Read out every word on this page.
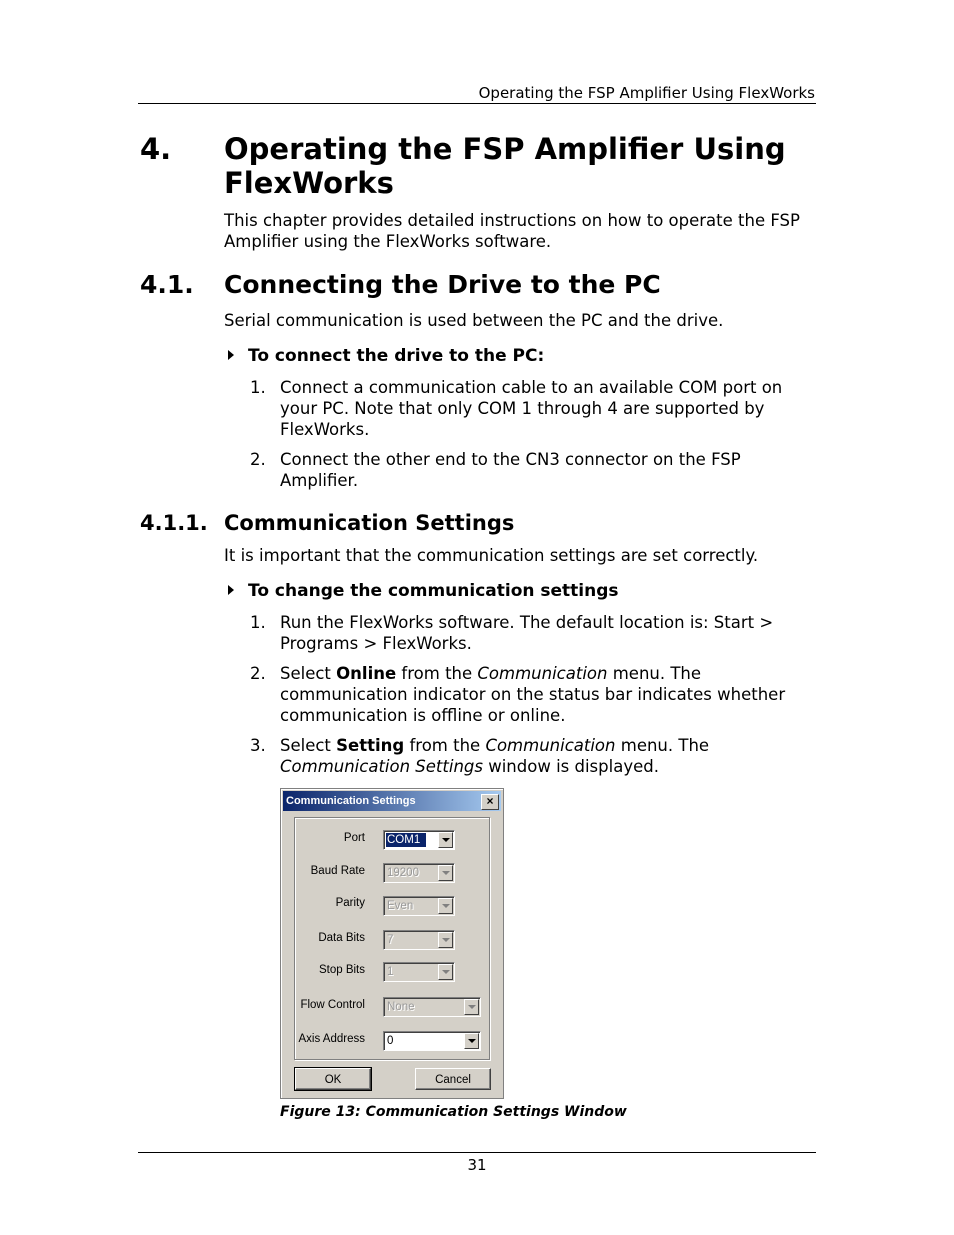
Operating the FSP Amplifier Using FlexWorks
4. Operating the FSP Amplifier Using FlexWorks
This chapter provides detailed instructions on how to operate the FSP Amplifier using the FlexWorks software.
4.1. Connecting the Drive to the PC
Serial communication is used between the PC and the drive.
To connect the drive to the PC:
1. Connect a communication cable to an available COM port on your PC. Note that only COM 1 through 4 are supported by FlexWorks.
2. Connect the other end to the CN3 connector on the FSP Amplifier.
4.1.1. Communication Settings
It is important that the communication settings are set correctly.
To change the communication settings
1. Run the FlexWorks software. The default location is: Start > Programs > FlexWorks.
2. Select Online from the Communication menu. The communication indicator on the status bar indicates whether communication is offline or online.
3. Select Setting from the Communication menu. The Communication Settings window is displayed.
Communication Settings	×
Port COM1
Baud Rate 19200
Parity Even
Data Bits 7
Stop Bits 1
Flow Control None
Axis Address 0
OK	Cancel
Figure 13: Communication Settings Window
31
